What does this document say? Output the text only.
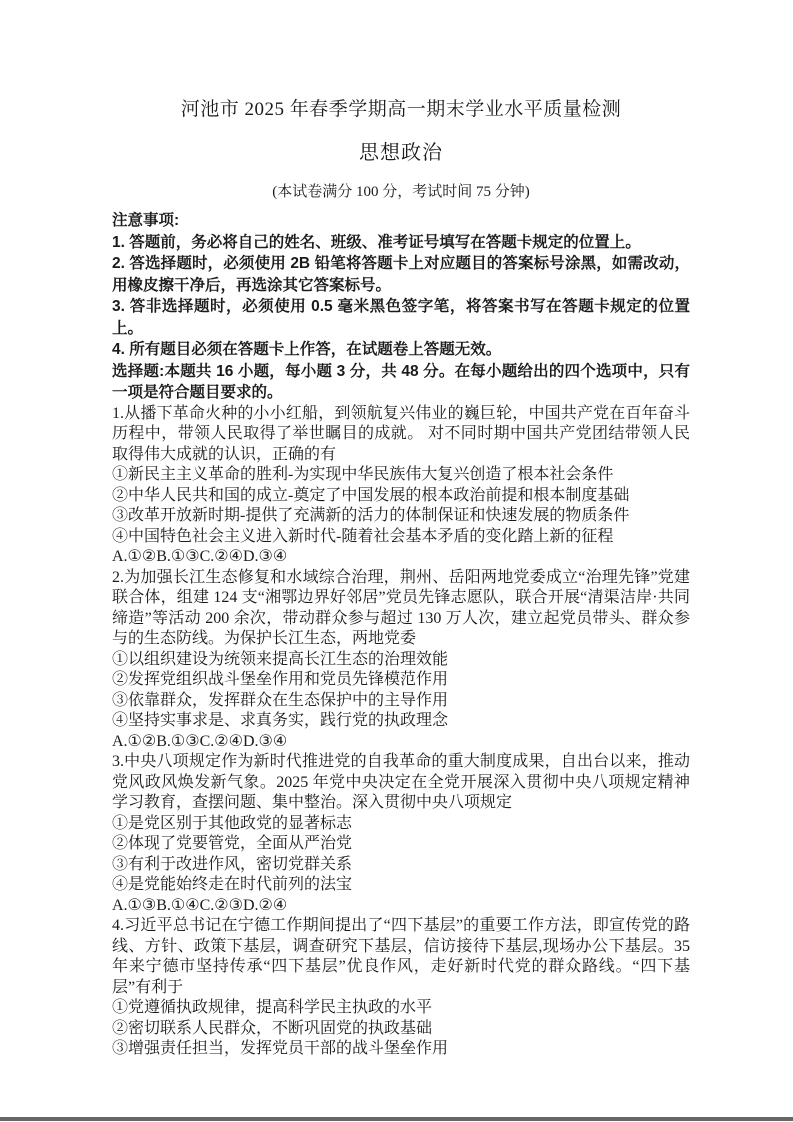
河池市 2025 年春季学期高一期末学业水平质量检测
思想政治

(本试卷满分 100 分，考试时间 75 分钟)

注意事项:

1. 答题前，务必将自己的姓名、班级、准考证号填写在答题卡规定的位置上。

2. 答选择题时，必须使用 2B 铅笔将答题卡上对应题目的答案标号涂黑，如需改动，用橡皮擦干净后，再选涂其它答案标号。

3. 答非选择题时，必须使用 0.5 毫米黑色签字笔，将答案书写在答题卡规定的位置上。

4. 所有题目必须在答题卡上作答，在试题卷上答题无效。

选择题:本题共 16 小题，每小题 3 分，共 48 分。在每小题给出的四个选项中，只有一项是符合题目要求的。

1.从播下革命火种的小小红船，到领航复兴伟业的巍巨轮，中国共产党在百年奋斗历程中，带领人民取得了举世瞩目的成就。 对不同时期中国共产党团结带领人民取得伟大成就的认识，正确的有

①新民主主义革命的胜利-为实现中华民族伟大复兴创造了根本社会条件

②中华人民共和国的成立-奠定了中国发展的根本政治前提和根本制度基础

③改革开放新时期-提供了充满新的活力的体制保证和快速发展的物质条件

④中国特色社会主义进入新时代-随着社会基本矛盾的变化踏上新的征程

A.①②B.①③C.②④D.③④

2.为加强长江生态修复和水域综合治理，荆州、岳阳两地党委成立“治理先锋”党建联合体，组建 124 支“湘鄂边界好邻居”党员先锋志愿队，联合开展“清渠洁岸·共同缔造”等活动 200 余次，带动群众参与超过 130 万人次，建立起党员带头、群众参与的生态防线。为保护长江生态，两地党委

①以组织建设为统领来提高长江生态的治理效能

②发挥党组织战斗堡垒作用和党员先锋模范作用

③依靠群众，发挥群众在生态保护中的主导作用

④坚持实事求是、求真务实，践行党的执政理念

A.①②B.①③C.②④D.③④

3.中央八项规定作为新时代推进党的自我革命的重大制度成果，自出台以来，推动党风政风焕发新气象。2025 年党中央决定在全党开展深入贯彻中央八项规定精神学习教育，查摆问题、集中整治。深入贯彻中央八项规定

①是党区别于其他政党的显著标志

②体现了党要管党，全面从严治党

③有利于改进作风，密切党群关系

④是党能始终走在时代前列的法宝

A.①③B.①④C.②③D.②④

4.习近平总书记在宁德工作期间提出了“四下基层”的重要工作方法，即宣传党的路线、方针、政策下基层，调查研究下基层，信访接待下基层,现场办公下基层。35 年来宁德市坚持传承“四下基层”优良作风，走好新时代党的群众路线。“四下基层”有利于

①党遵循执政规律，提高科学民主执政的水平

②密切联系人民群众，不断巩固党的执政基础

③增强责任担当，发挥党员干部的战斗堡垒作用
